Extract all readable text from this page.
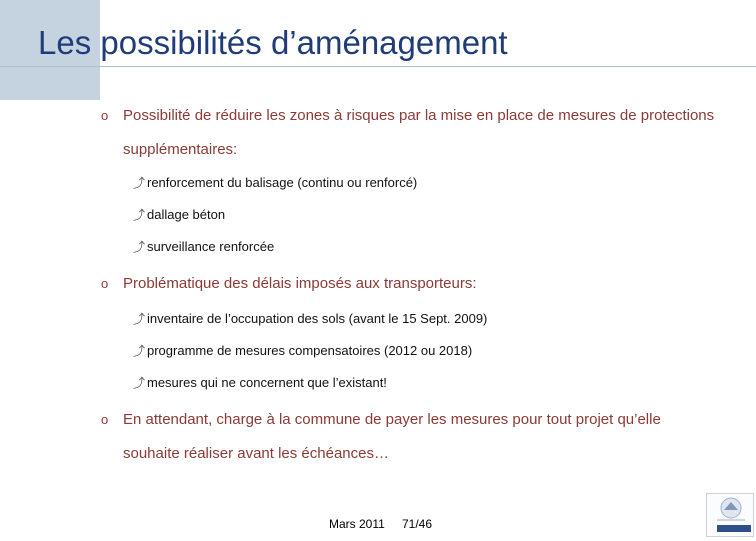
Les possibilités d’aménagement
o Possibilité de réduire les zones à risques par la mise en place de mesures de protections supplémentaires:
⤴ renforcement du balisage (continu ou renforcé)
⤴ dallage béton
⤴ surveillance renforcée
o Problématique des délais imposés aux transporteurs:
⤴ inventaire de l’occupation des sols (avant le 15 Sept. 2009)
⤴ programme de mesures compensatoires (2012 ou 2018)
⤴ mesures qui ne concernent que l’existant!
o En attendant, charge à la commune de payer les mesures pour tout projet qu’elle souhaite réaliser avant les échéances…
Mars 2011 71/46
